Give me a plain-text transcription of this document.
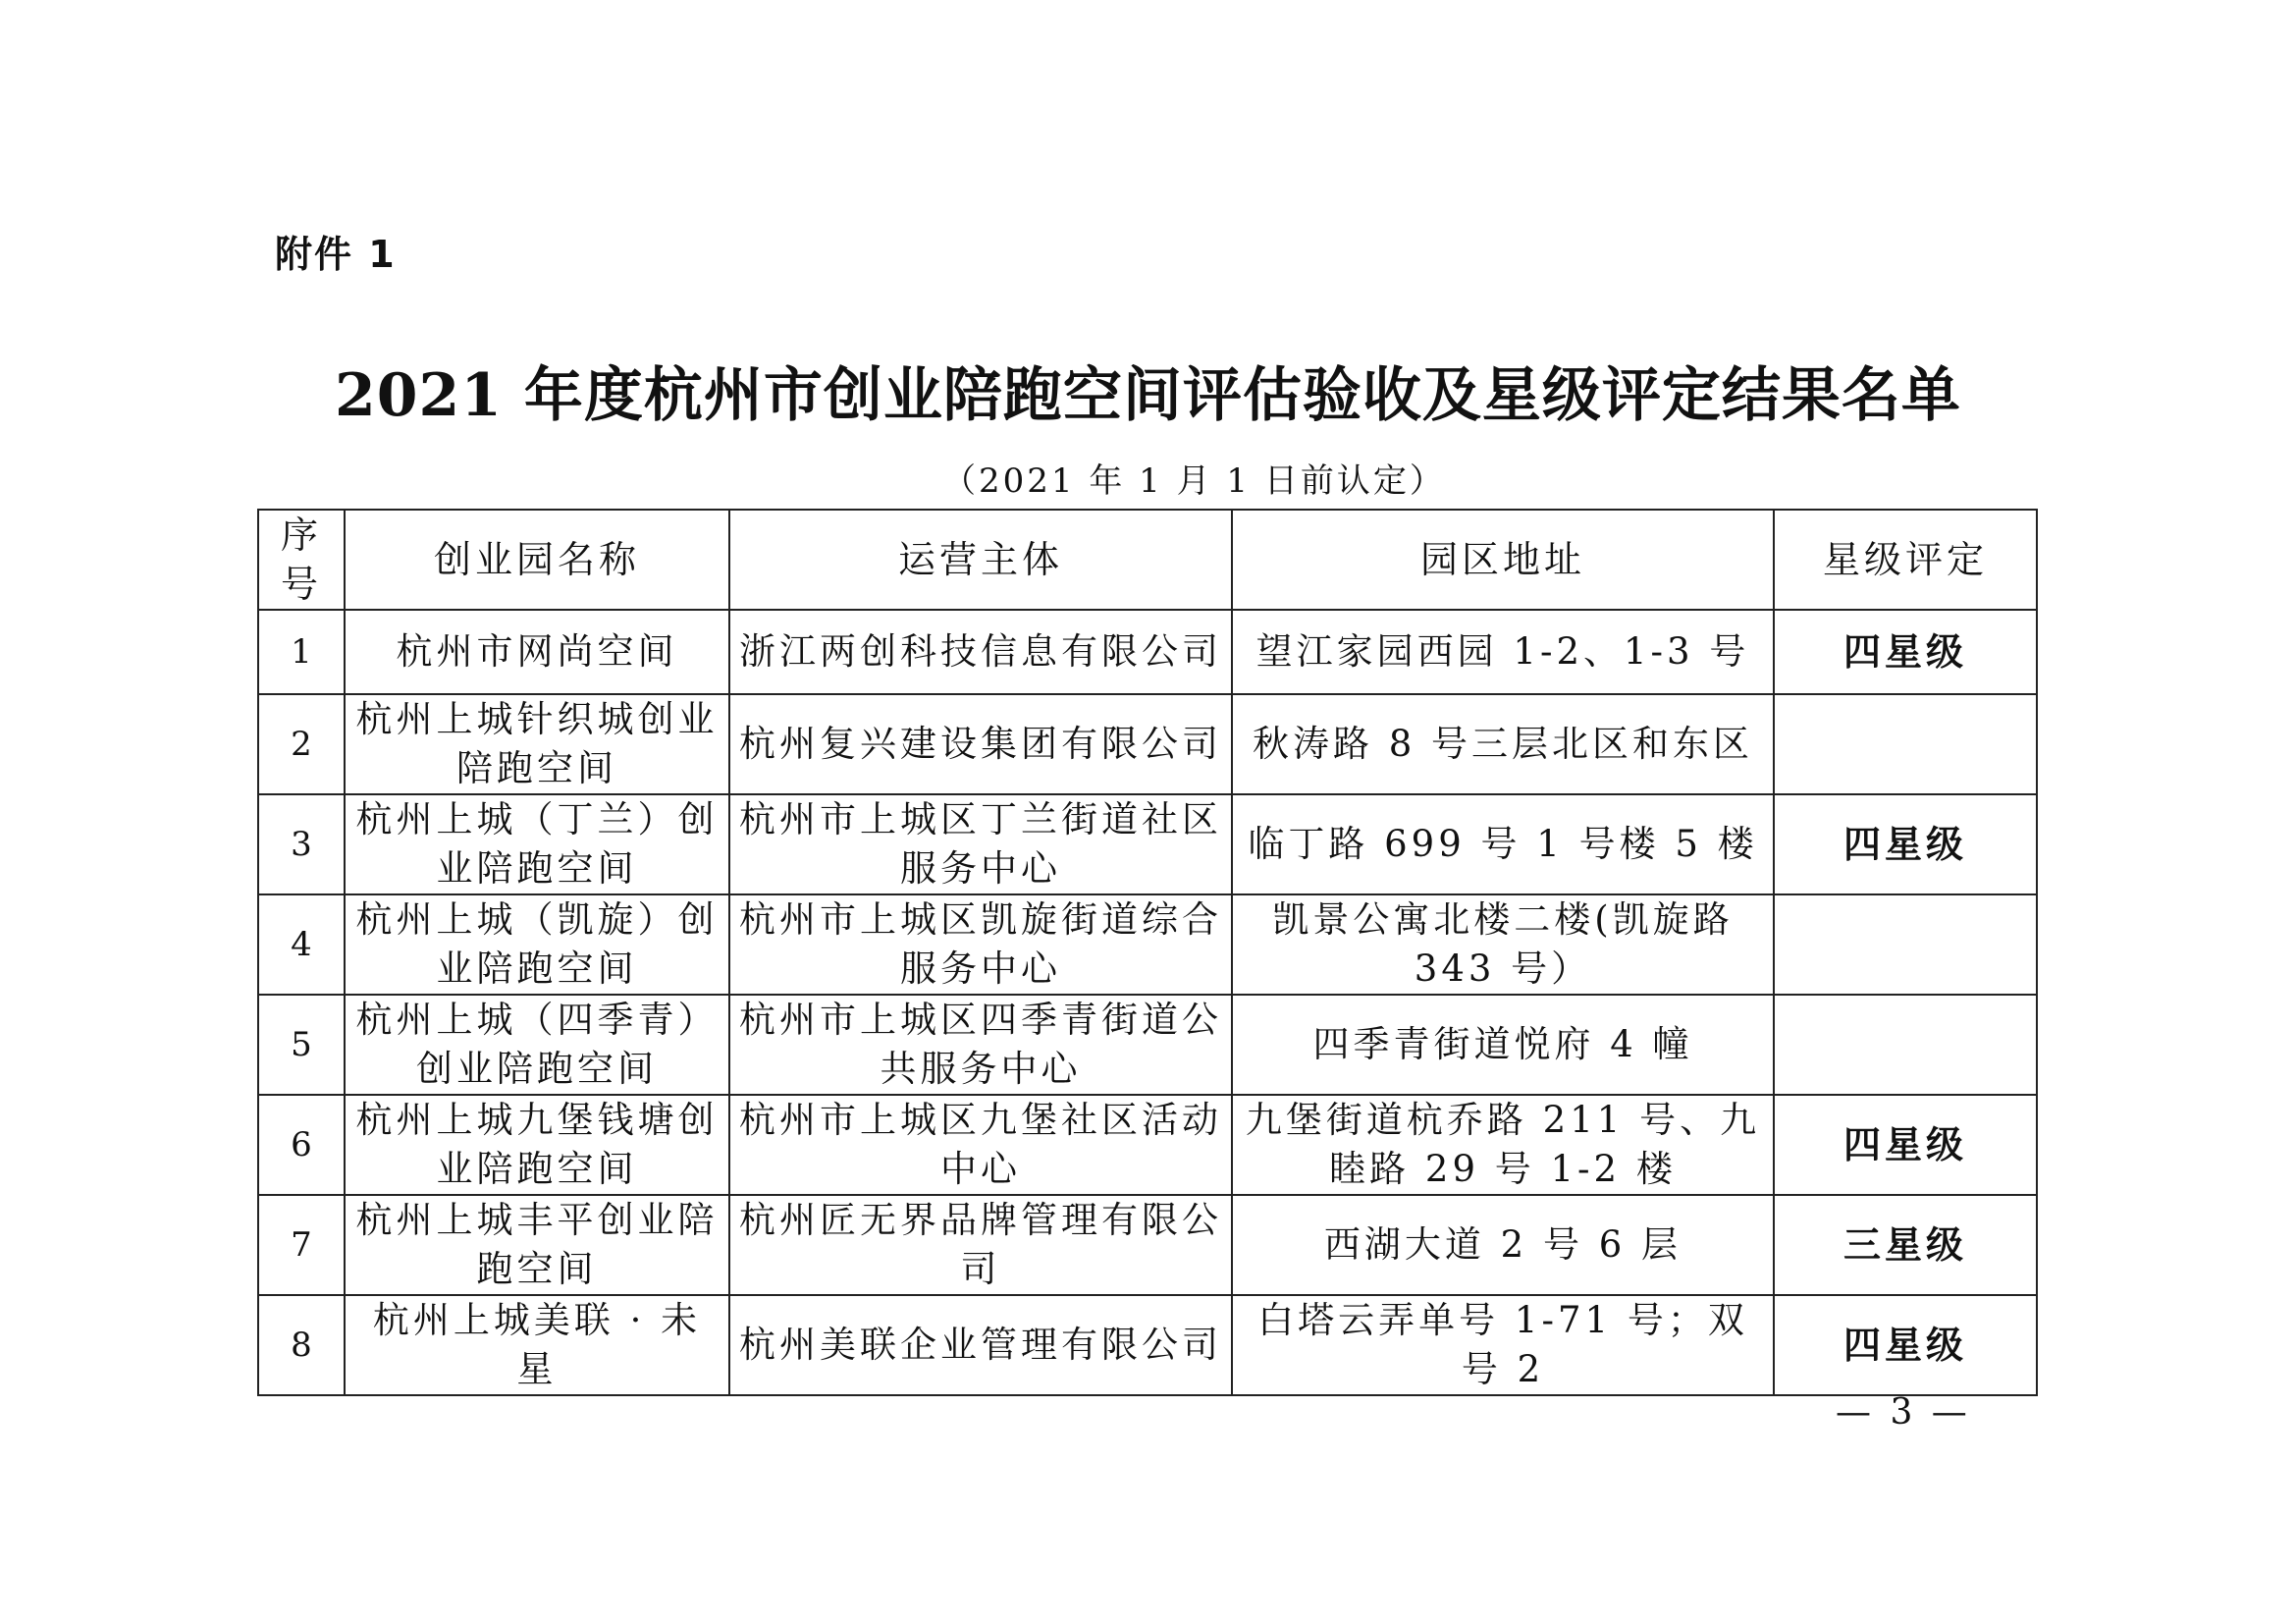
附件 1
2021 年度杭州市创业陪跑空间评估验收及星级评定结果名单
（2021 年 1 月 1 日前认定）
序号	创业园名称	运营主体	园区地址	星级评定
1	杭州市网尚空间	浙江两创科技信息有限公司	望江家园西园 1-2、1-3 号	四星级
2	杭州上城针织城创业陪跑空间	杭州复兴建设集团有限公司	秋涛路 8 号三层北区和东区	
3	杭州上城（丁兰）创业陪跑空间	杭州市上城区丁兰街道社区服务中心	临丁路 699 号 1 号楼 5 楼	四星级
4	杭州上城（凯旋）创业陪跑空间	杭州市上城区凯旋街道综合服务中心	凯景公寓北楼二楼(凯旋路 343 号）	
5	杭州上城（四季青）创业陪跑空间	杭州市上城区四季青街道公共服务中心	四季青街道悦府 4 幢	
6	杭州上城九堡钱塘创业陪跑空间	杭州市上城区九堡社区活动中心	九堡街道杭乔路 211 号、九睦路 29 号 1-2 楼	四星级
7	杭州上城丰平创业陪跑空间	杭州匠无界品牌管理有限公司	西湖大道 2 号 6 层	三星级
8	杭州上城美联 · 未星	杭州美联企业管理有限公司	白塔云弄单号 1-71 号；双号 2	四星级
— 3 —
